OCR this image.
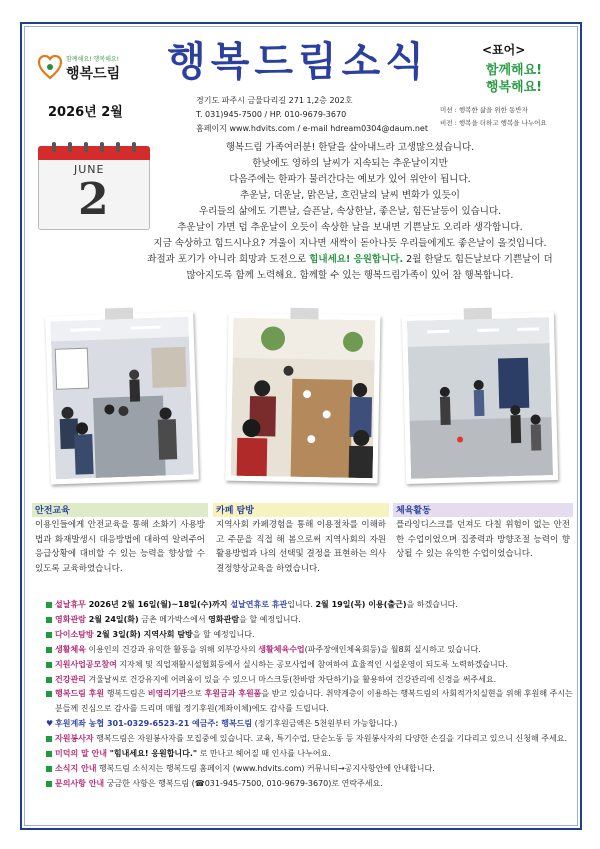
함께해요! 행복해요!
행복드림 행복드림소식
2026년 2월
경기도 파주시 금물다리길 271 1,2층 202호
T. 031)945-7500 / HP. 010-9679-3670
홈페이지 www.hdvits.com / e-mail hdream0304@daum.net
<표어>
함께해요!
행복해요!
미션 : 행복한 삶을 위한 동반자
비전 : 행복을 더하고 행복을 나누어요
JUNE
2
행복드림 가족여러분! 한달을 살아내느라 고생많으셨습니다.
한낮에도 영하의 날씨가 지속되는 추운날이지만
다음주에는 한파가 물러간다는 예보가 있어 위안이 됩니다.
추운날, 더운날, 맑은날, 흐린날의 날씨 변화가 있듯이
우리들의 삶에도 기쁜날, 슬픈날, 속상한날, 좋은날, 힘든날등이 있습니다.
추운날이 가면 덥 추운날이 오듯이 속상한 날을 보내면 기쁜날도 오리라 생각합니다.
지금 속상하고 힘드시나요? 겨울이 지나면 새싹이 돋아나듯 우리들에게도 좋은날이 올것입니다.
좌절과 포기가 아니라 희망과 도전으로 힘내세요! 응원합니다. 2월 한달도 힘든날보다 기쁜날이 더
많아지도록 함께 노력해요. 함께할 수 있는 행복드림가족이 있어 참 행복합니다.
안전교육
이용인들에게 안전교육을 통해 소화기 사용방법과 화재발생시 대응방법에 대하여 알려주어 응급상황에 대비할 수 있는 능력을 향상할 수 있도록 교육하였습니다.
카페 탐방
지역사회 카페경험을 통해 이용절차를 이해하고 주문을 직접 해 봄으로써 지역사회의 자원활용방법과 나의 선택및 결정을 표현하는 의사결정향상교육을 하였습니다.
체육활동
플라잉디스크를 던져도 다칠 위험이 없는 안전한 수업이었으며 집중력과 방향조절 능력이 향상될 수 있는 유익한 수업이었습니다.
설날휴무 2026년 2월 16일(월)~18일(수)까지 설날연휴로 휴관입니다. 2월 19일(목) 이용(출근)을 하겠습니다.
영화관람 2월 24일(화) 금촌 메가박스에서 영화관람을 할 예정입니다.
다이소탐방 2월 3일(화) 지역사회 탐방을 할 예정입니다.
생활체육 이용인의 건강과 유익한 활동을 위해 외부강사의 생활체육수업(파주장애인체육회등)을 월8회 실시하고 있습니다.
지원사업공모참여 지자체 및 직업재활시설협회등에서 실시하는 공모사업에 참여하여 효율적인 시설운영이 되도록 노력하겠습니다.
건강관리 겨울날씨로 건강유지에 어려움이 있을 수 있으니 마스크등(찬바람 차단하기)을 활용하여 건강관리에 신경을 써주세요.
행복드림 후원 행복드림은 비영리기관으로 후원금과 후원품을 받고 있습니다. 취약계층이 이용하는 행복드림의 사회적가치실현을 위해 후원해 주시는 분들께 진심으로 감사를 드리며 매월 정기후원(계좌이체)에도 감사를 드립니다.
♥ 후원계좌 농협 301-0329-6523-21 예금주: 행복드림 (정기후원금액은 5천원부터 가능합니다.)
자원봉사자 행복드림은 자원봉사자를 모집중에 있습니다. 교육, 특기수업, 단순노동 등 자원봉사자의 다양한 손길을 기다리고 있으니 신청해 주세요.
미덕의 말 안내 "힘내세요! 응원합니다." 로 만나고 헤어질 때 인사를 나누어요.
소식지 안내 행복드림 소식지는 행복드림 홈페이지 (www.hdvits.com) 커뮤니티→공지사항안에 안내합니다.
문의사항 안내 궁금한 사항은 행복드림 (☎031-945-7500, 010-9679-3670)로 연락주세요.
